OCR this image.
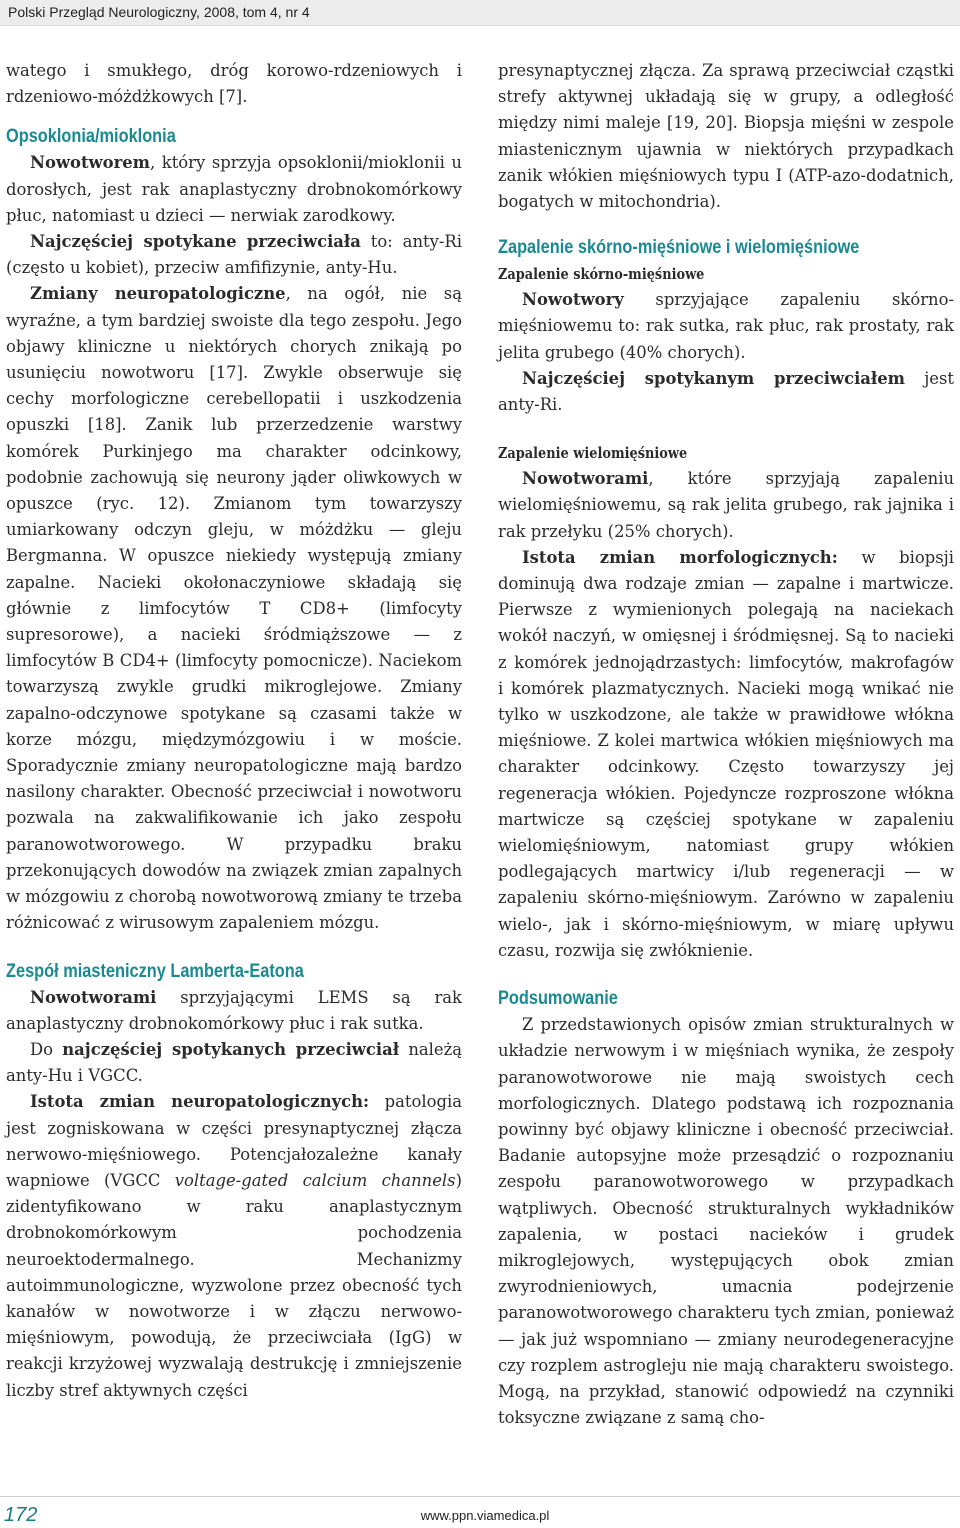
Polski Przegląd Neurologiczny, 2008, tom 4, nr 4

watego i smukłego, dróg korowo-rdzeniowych i rdzeniowo-móżdżkowych [7].

Opsoklonia/mioklonia

Nowotworem, który sprzyja opsoklonii/mioklonii u dorosłych, jest rak anaplastyczny drobnokomórkowy płuc, natomiast u dzieci — nerwiak zarodkowy.

Najczęściej spotykane przeciwciała to: anty-Ri (często u kobiet), przeciw amfifizynie, anty-Hu.

Zmiany neuropatologiczne, na ogół, nie są wyraźne, a tym bardziej swoiste dla tego zespołu. Jego objawy kliniczne u niektórych chorych znikają po usunięciu nowotworu [17]. Zwykle obserwuje się cechy morfologiczne cerebellopatii i uszkodzenia opuszki [18]. Zanik lub przerzedzenie warstwy komórek Purkinjego ma charakter odcinkowy, podobnie zachowują się neurony jąder oliwkowych w opuszce (ryc. 12). Zmianom tym towarzyszy umiarkowany odczyn gleju, w móżdżku — gleju Bergmanna. W opuszce niekiedy występują zmiany zapalne. Nacieki okołonaczyniowe składają się głównie z limfocytów T CD8+ (limfocyty supresorowe), a nacieki śródmiąższowe — z limfocytów B CD4+ (limfocyty pomocnicze). Naciekom towarzyszą zwykle grudki mikroglejowe. Zmiany zapalno-odczynowe spotykane są czasami także w korze mózgu, międzymózgowiu i w moście. Sporadycznie zmiany neuropatologiczne mają bardzo nasilony charakter. Obecność przeciwciał i nowotworu pozwala na zakwalifikowanie ich jako zespołu paranowotworowego. W przypadku braku przekonujących dowodów na związek zmian zapalnych w mózgowiu z chorobą nowotworową zmiany te trzeba różnicować z wirusowym zapaleniem mózgu.

Zespół miasteniczny Lamberta-Eatona

Nowotworami sprzyjającymi LEMS są rak anaplastyczny drobnokomórkowy płuc i rak sutka.

Do najczęściej spotykanych przeciwciał należą anty-Hu i VGCC.

Istota zmian neuropatologicznych: patologia jest zogniskowana w części presynaptycznej złącza nerwowo-mięśniowego. Potencjałozależne kanały wapniowe (VGCC voltage-gated calcium channels) zidentyfikowano w raku anaplastycznym drobnokomórkowym pochodzenia neuroektodermalnego. Mechanizmy autoimmunologiczne, wyzwolone przez obecność tych kanałów w nowotworze i w złączu nerwowo-mięśniowym, powodują, że przeciwciała (IgG) w reakcji krzyżowej wyzwalają destrukcję i zmniejszenie liczby stref aktywnych części

presynaptycznej złącza. Za sprawą przeciwciał cząstki strefy aktywnej układają się w grupy, a odległość między nimi maleje [19, 20]. Biopsja mięśni w zespole miastenicznym ujawnia w niektórych przypadkach zanik włókien mięśniowych typu I (ATP-azo-dodatnich, bogatych w mitochondria).

Zapalenie skórno-mięśniowe i wielomięśniowe
Zapalenie skórno-mięśniowe

Nowotwory sprzyjające zapaleniu skórno-mięśniowemu to: rak sutka, rak płuc, rak prostaty, rak jelita grubego (40% chorych).

Najczęściej spotykanym przeciwciałem jest anty-Ri.

Zapalenie wielomięśniowe

Nowotworami, które sprzyjają zapaleniu wielomięśniowemu, są rak jelita grubego, rak jajnika i rak przełyku (25% chorych).

Istota zmian morfologicznych: w biopsji dominują dwa rodzaje zmian — zapalne i martwicze. Pierwsze z wymienionych polegają na naciekach wokół naczyń, w omięsnej i śródmięsnej. Są to nacieki z komórek jednojądrzastych: limfocytów, makrofagów i komórek plazmatycznych. Nacieki mogą wnikać nie tylko w uszkodzone, ale także w prawidłowe włókna mięśniowe. Z kolei martwica włókien mięśniowych ma charakter odcinkowy. Często towarzyszy jej regeneracja włókien. Pojedyncze rozproszone włókna martwicze są częściej spotykane w zapaleniu wielomięśniowym, natomiast grupy włókien podlegających martwicy i/lub regeneracji — w zapaleniu skórno-mięśniowym. Zarówno w zapaleniu wielo-, jak i skórno-mięśniowym, w miarę upływu czasu, rozwija się zwłóknienie.

Podsumowanie

Z przedstawionych opisów zmian strukturalnych w układzie nerwowym i w mięśniach wynika, że zespoły paranowotworowe nie mają swoistych cech morfologicznych. Dlatego podstawą ich rozpoznania powinny być objawy kliniczne i obecność przeciwciał. Badanie autopsyjne może przesądzić o rozpoznaniu zespołu paranowotworowego w przypadkach wątpliwych. Obecność strukturalnych wykładników zapalenia, w postaci nacieków i grudek mikroglejowych, występujących obok zmian zwyrodnieniowych, umacnia podejrzenie paranowotworowego charakteru tych zmian, ponieważ — jak już wspomniano — zmiany neurodegeneracyjne czy rozplem astrogleju nie mają charakteru swoistego. Mogą, na przykład, stanowić odpowiedź na czynniki toksyczne związane z samą cho-

172	www.ppn.viamedica.pl
